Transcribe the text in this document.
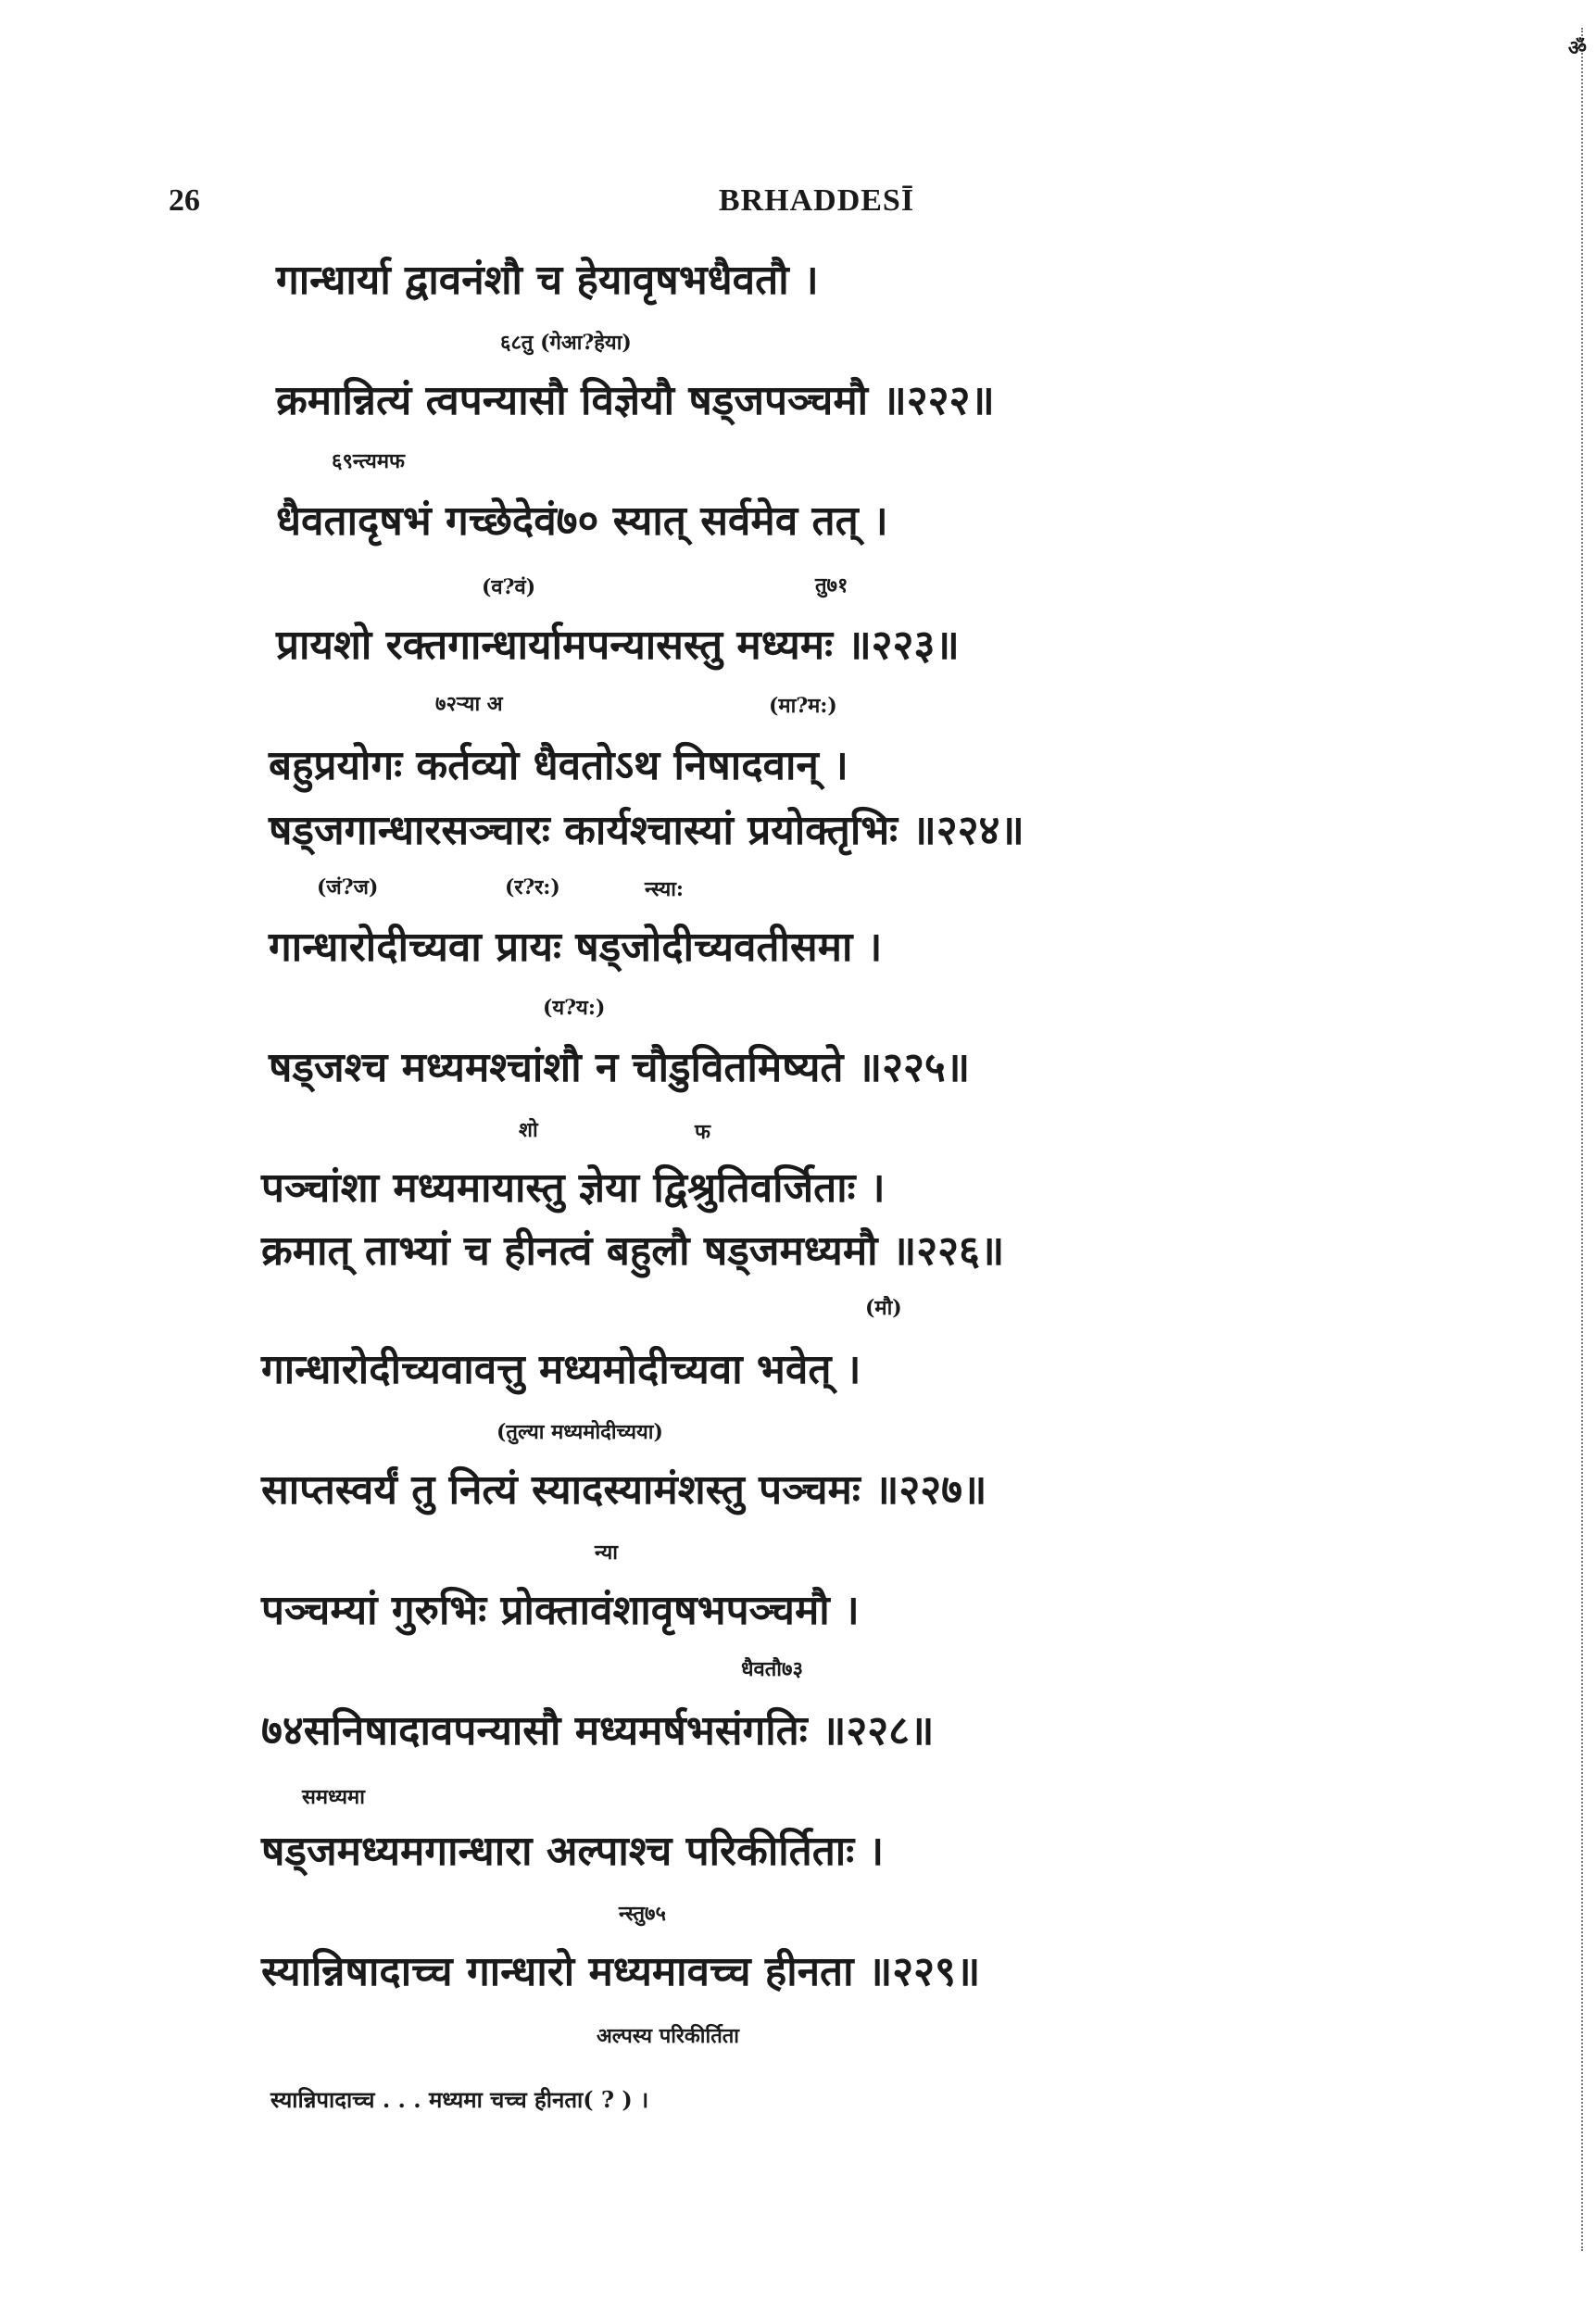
ॐ
26	BRHADDESĪ
गान्धार्या द्वावनंशौ च हेयावृषभधैवतौ ।
६८तु (गेआ?हेया)
क्रमान्नित्यं त्वपन्यासौ विज्ञेयौ षड्जपञ्चमौ ॥२२२॥
६९न्त्यमफ
धैवतादृषभं गच्छेदेवं७० स्यात् सर्वमेव तत् ।
(व?वं)	तु७१
प्रायशो रक्तगान्धार्यामपन्यासस्तु मध्यमः ॥२२३॥
७२ऱ्या अ	(मा?म:)
बहुप्रयोगः कर्तव्यो धैवतोऽथ निषादवान् ।
षड्जगान्धारसञ्चारः कार्यश्चास्यां प्रयोक्तृभिः ॥२२४॥
(जं?ज)	(र?र:)	न्स्या:
गान्धारोदीच्यवा प्रायः षड्जोदीच्यवतीसमा ।
(य?य:)
षड्जश्च मध्यमश्चांशौ न चौडुवितमिष्यते ॥२२५॥
शो	फ
पञ्चांशा मध्यमायास्तु ज्ञेया द्विश्रुतिवर्जिताः ।
क्रमात् ताभ्यां च हीनत्वं बहुलौ षड्जमध्यमौ ॥२२६॥
(मौ)
गान्धारोदीच्यवावत्तु मध्यमोदीच्यवा भवेत् ।
(तुल्या मध्यमोदीच्यया)
साप्तस्वर्यं तु नित्यं स्यादस्यामंशस्तु पञ्चमः ॥२२७॥
न्या
पञ्चम्यां गुरुभिः प्रोक्तावंशावृषभपञ्चमौ ।
धैवतौ७३
७४सनिषादावपन्यासौ मध्यमर्षभसंगतिः ॥२२८॥
समध्यमा
षड्जमध्यमगान्धारा अल्पाश्च परिकीर्तिताः ।
न्स्तु७५
स्यान्निषादाच्च गान्धारो मध्यमावच्च हीनता ॥२२९॥
अल्पस्य परिकीर्तिता
स्यान्निपादाच्च . . . मध्यमा चच्च हीनता( ? ) ।
